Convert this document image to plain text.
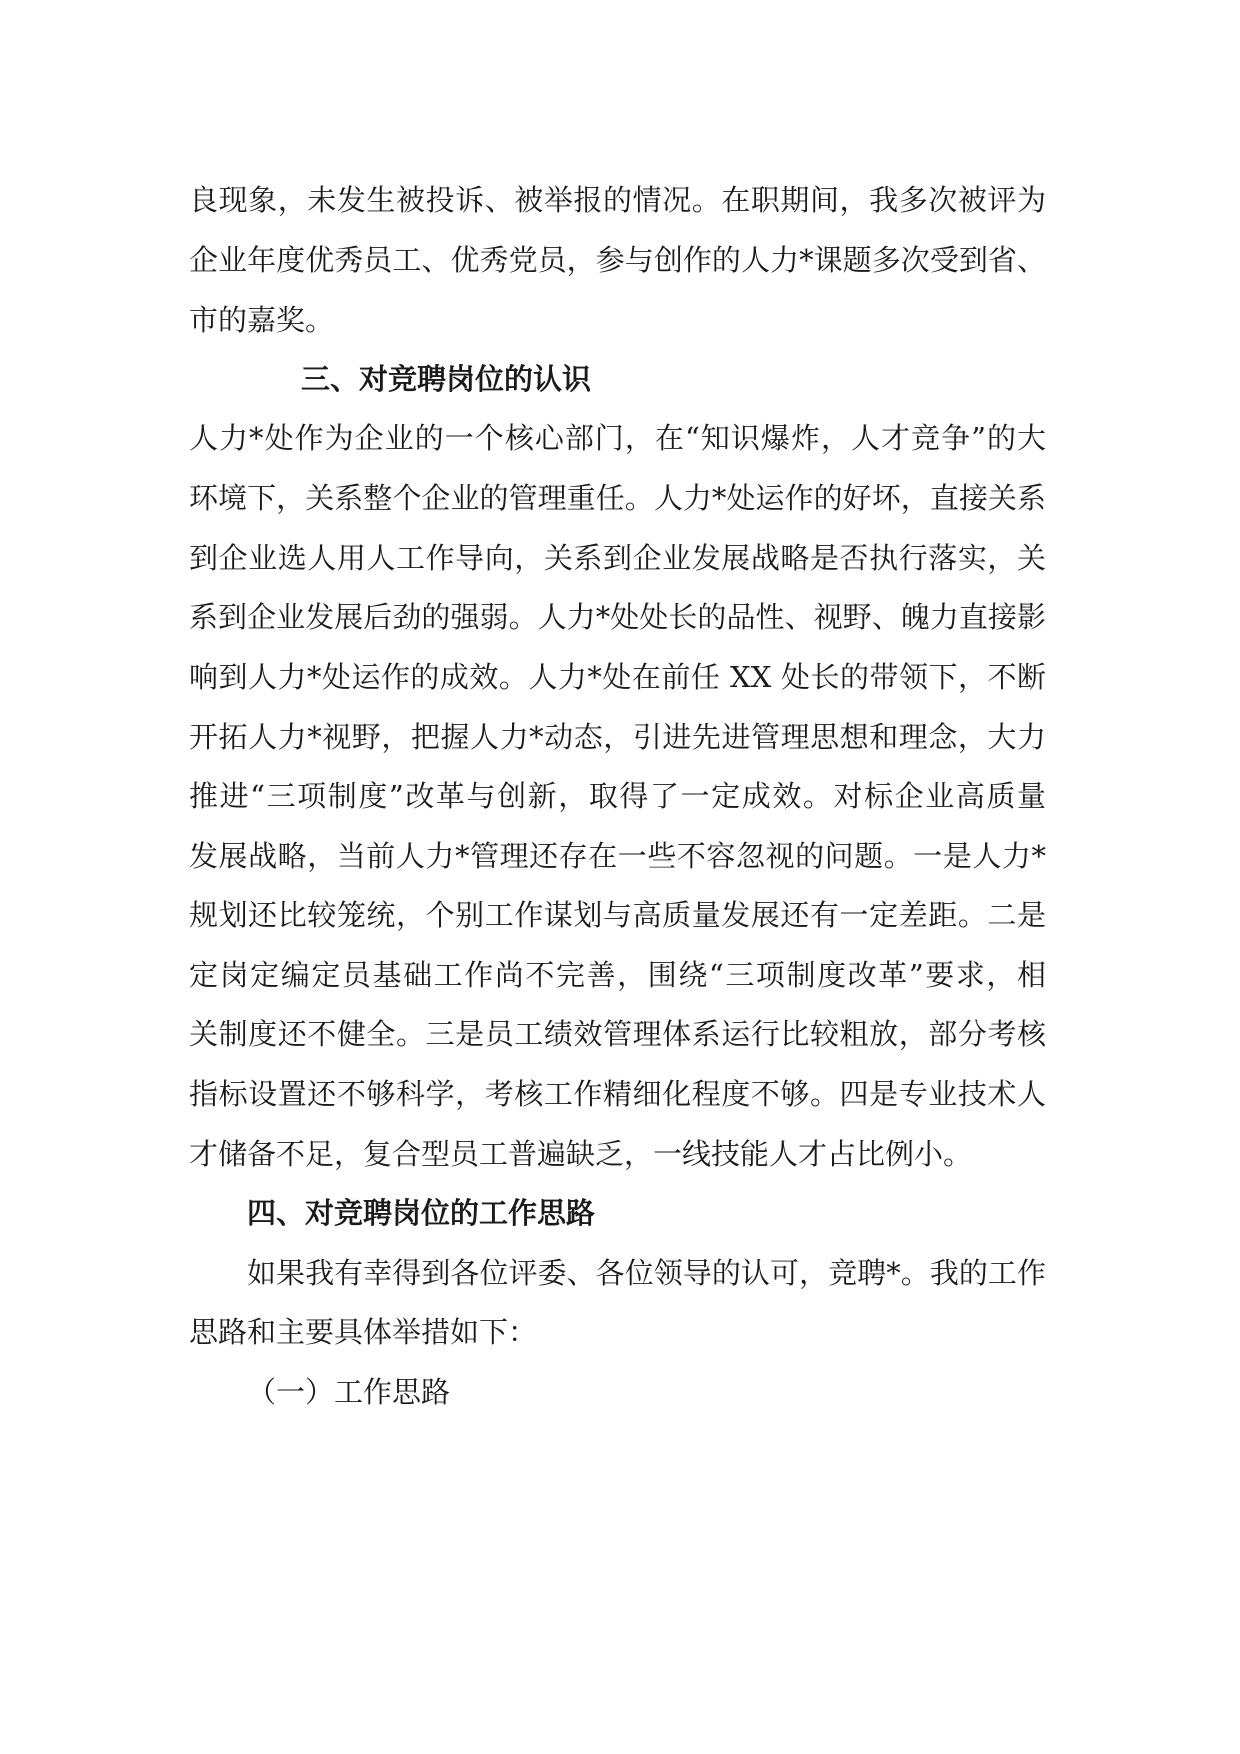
良现象，未发生被投诉、被举报的情况。在职期间，我多次被评为
企业年度优秀员工、优秀党员，参与创作的人力*课题多次受到省、
市的嘉奖。
三、对竞聘岗位的认识
人力*处作为企业的一个核心部门，在“知识爆炸，人才竞争”的大
环境下，关系整个企业的管理重任。人力*处运作的好坏，直接关系
到企业选人用人工作导向，关系到企业发展战略是否执行落实，关
系到企业发展后劲的强弱。人力*处处长的品性、视野、魄力直接影
响到人力*处运作的成效。人力*处在前任 XX 处长的带领下，不断
开拓人力*视野，把握人力*动态，引进先进管理思想和理念，大力
推进“三项制度”改革与创新，取得了一定成效。对标企业高质量
发展战略，当前人力*管理还存在一些不容忽视的问题。一是人力*
规划还比较笼统，个别工作谋划与高质量发展还有一定差距。二是
定岗定编定员基础工作尚不完善，围绕“三项制度改革”要求，相
关制度还不健全。三是员工绩效管理体系运行比较粗放，部分考核
指标设置还不够科学，考核工作精细化程度不够。四是专业技术人
才储备不足，复合型员工普遍缺乏，一线技能人才占比例小。
四、对竞聘岗位的工作思路
如果我有幸得到各位评委、各位领导的认可，竞聘*。我的工作
思路和主要具体举措如下：
（一）工作思路
